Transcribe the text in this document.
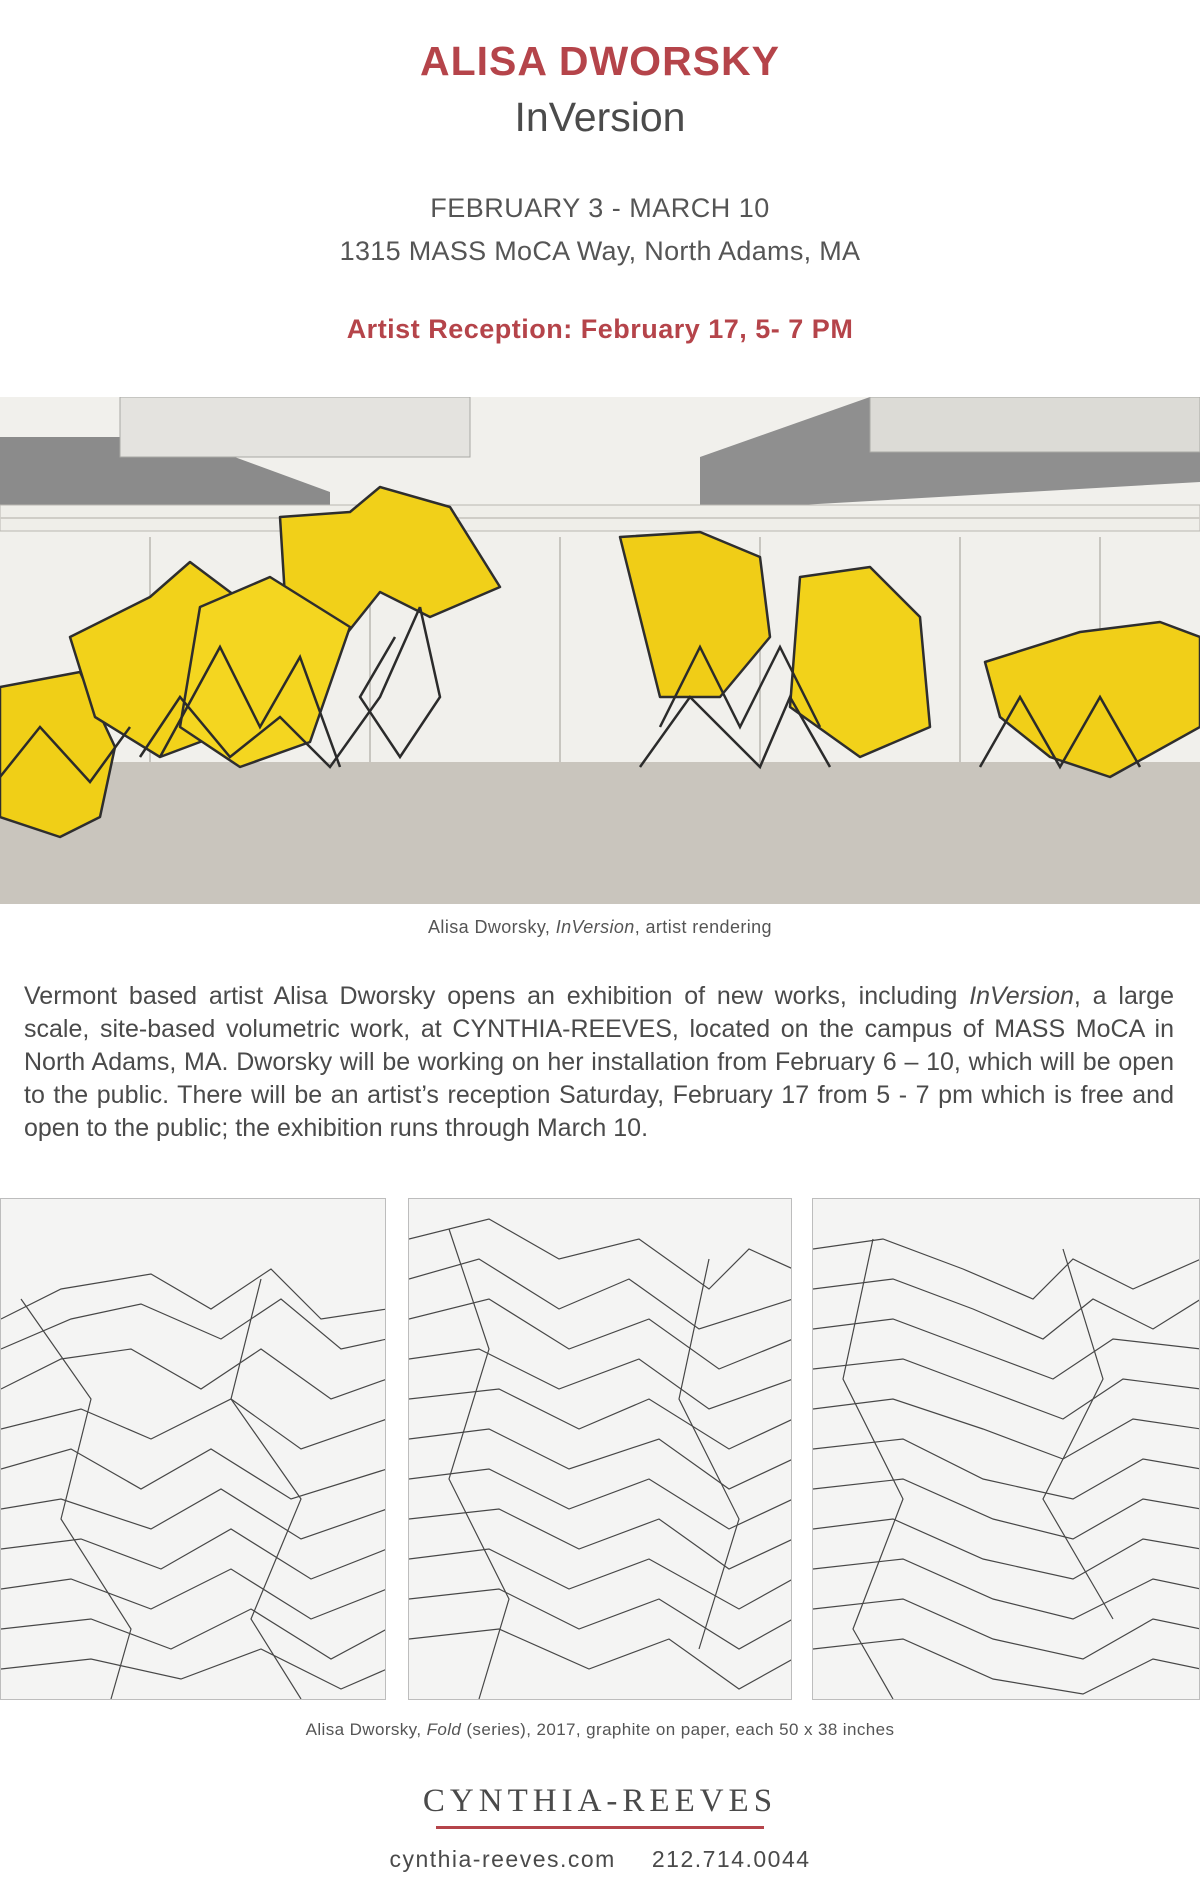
ALISA DWORSKY
InVersion
FEBRUARY 3 - MARCH 10
1315 MASS MoCA Way, North Adams, MA
Artist Reception: February 17, 5- 7 PM
Alisa Dworsky, InVersion, artist rendering
Vermont based artist Alisa Dworsky opens an exhibition of new works, including InVersion, a large scale, site-based volumetric work, at CYNTHIA-REEVES, located on the campus of MASS MoCA in North Adams, MA. Dworsky will be working on her installation from February 6 – 10, which will be open to the public. There will be an artist’s reception Saturday, February 17 from 5 - 7 pm which is free and open to the public; the exhibition runs through March 10.
Alisa Dworsky, Fold (series), 2017, graphite on paper, each 50 x 38 inches
CYNTHIA-REEVES
cynthia-reeves.com 212.714.0044
